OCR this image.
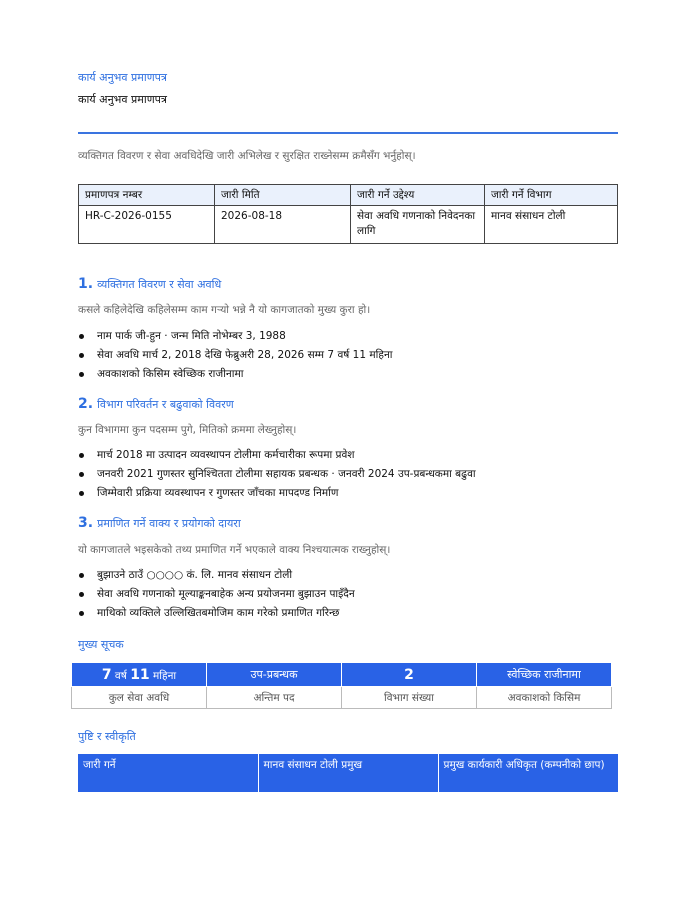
कार्य अनुभव प्रमाणपत्र
कार्य अनुभव प्रमाणपत्र
व्यक्तिगत विवरण र सेवा अवधिदेखि जारी अभिलेख र सुरक्षित राख्नेसम्म क्रमैसँग भर्नुहोस्।
प्रमाणपत्र नम्बर	जारी मिति	जारी गर्ने उद्देश्य	जारी गर्ने विभाग
HR-C-2026-0155	2026-08-18	सेवा अवधि गणनाको निवेदनका लागि	मानव संसाधन टोली
1. व्यक्तिगत विवरण र सेवा अवधि
कसले कहिलेदेखि कहिलेसम्म काम गर्‍यो भन्ने नै यो कागजातको मुख्य कुरा हो।
नाम पार्क जी-हुन · जन्म मिति नोभेम्बर 3, 1988
सेवा अवधि मार्च 2, 2018 देखि फेब्रुअरी 28, 2026 सम्म 7 वर्ष 11 महिना
अवकाशको किसिम स्वेच्छिक राजीनामा
2. विभाग परिवर्तन र बढुवाको विवरण
कुन विभागमा कुन पदसम्म पुगे, मितिको क्रममा लेख्नुहोस्।
मार्च 2018 मा उत्पादन व्यवस्थापन टोलीमा कर्मचारीका रूपमा प्रवेश
जनवरी 2021 गुणस्तर सुनिश्चितता टोलीमा सहायक प्रबन्धक · जनवरी 2024 उप-प्रबन्धकमा बढुवा
जिम्मेवारी प्रक्रिया व्यवस्थापन र गुणस्तर जाँचका मापदण्ड निर्माण
3. प्रमाणित गर्ने वाक्य र प्रयोगको दायरा
यो कागजातले भइसकेको तथ्य प्रमाणित गर्ने भएकाले वाक्य निश्चयात्मक राख्नुहोस्।
बुझाउने ठाउँ ○○○○ कं. लि. मानव संसाधन टोली
सेवा अवधि गणनाको मूल्याङ्कनबाहेक अन्य प्रयोजनमा बुझाउन पाइँदैन
माथिको व्यक्तिले उल्लिखितबमोजिम काम गरेको प्रमाणित गरिन्छ
मुख्य सूचक
7 वर्ष 11 महिना	उप-प्रबन्धक	2	स्वेच्छिक राजीनामा
कुल सेवा अवधि	अन्तिम पद	विभाग संख्या	अवकाशको किसिम
पुष्टि र स्वीकृति
जारी गर्ने	मानव संसाधन टोली प्रमुख	प्रमुख कार्यकारी अधिकृत (कम्पनीको छाप)
